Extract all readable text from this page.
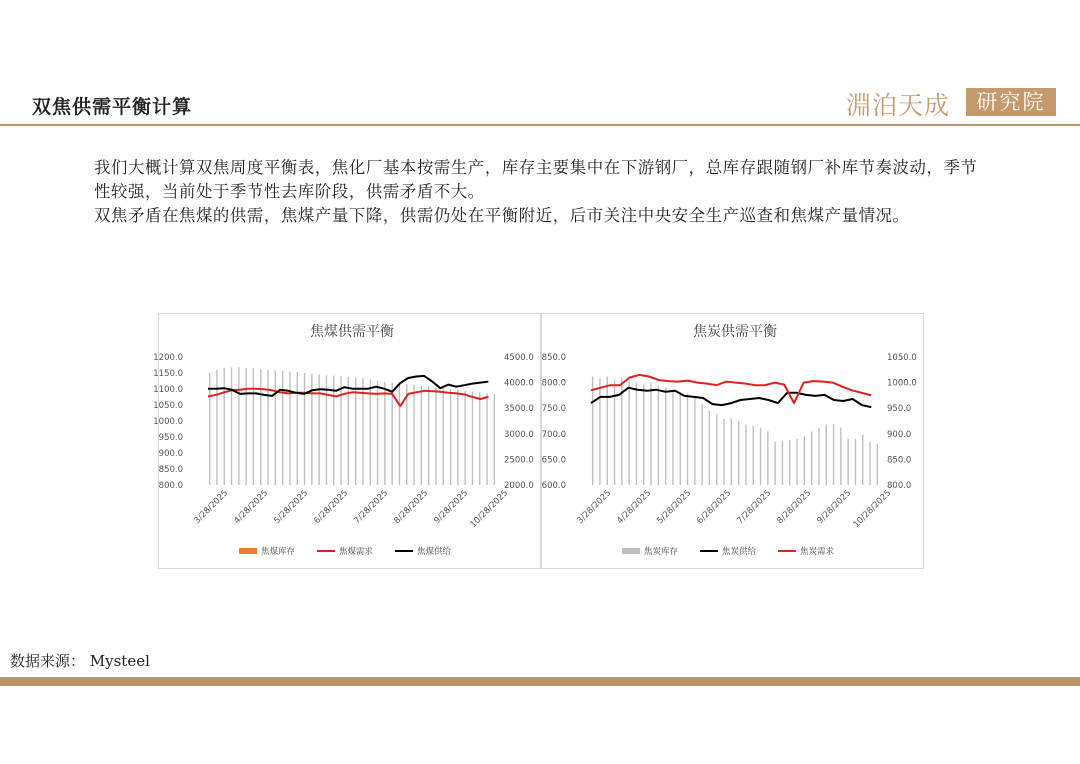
双焦供需平衡计算	淵泊天成	研究院

我们大概计算双焦周度平衡表，焦化厂基本按需生产，库存主要集中在下游钢厂，总库存跟随钢厂补库节奏波动，季节性较强，当前处于季节性去库阶段，供需矛盾不大。

双焦矛盾在焦煤的供需，焦煤产量下降，供需仍处在平衡附近，后市关注中央安全生产巡查和焦煤产量情况。

焦煤供需平衡
800.0
850.0
900.0
950.0
1000.0
1050.0
1100.0
1150.0
1200.0
2000.0
2500.0
3000.0
3500.0
4000.0
4500.0
3/28/2025 4/28/2025 5/28/2025 6/28/2025 7/28/2025 8/28/2025 9/28/2025
10/28/2025
焦煤库存	焦煤需求	焦煤供给
焦炭供需平衡
600.0
650.0
700.0
750.0
800.0
850.0
800.0
850.0
900.0
950.0
1000.0
1050.0
3/28/2025 4/28/2025 5/28/2025 6/28/2025 7/28/2025 8/28/2025 9/28/2025
10/28/2025
焦炭库存	焦炭供给	焦炭需求
数据来源： Mysteel
